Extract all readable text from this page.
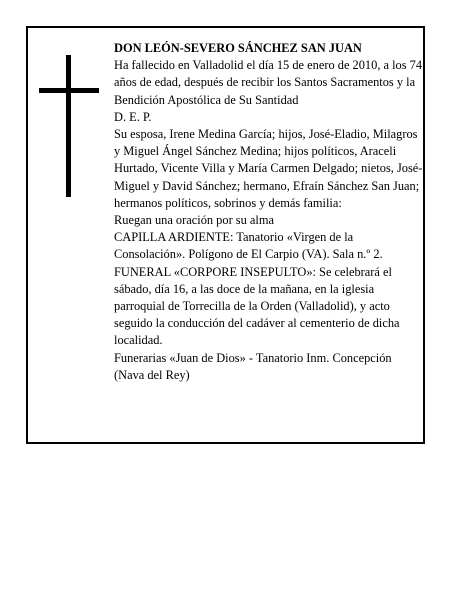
DON LEÓN-SEVERO SÁNCHEZ SAN JUAN

Ha fallecido en Valladolid el día 15 de enero de 2010, a los 74 años de edad, después de recibir los Santos Sacramentos y la Bendición Apostólica de Su Santidad

D. E. P.

Su esposa, Irene Medina García; hijos, José-Eladio, Milagros y Miguel Ángel Sánchez Medina; hijos políticos, Araceli Hurtado, Vicente Villa y María Carmen Delgado; nietos, José-Miguel y David Sánchez; hermano, Efraín Sánchez San Juan; hermanos políticos, sobrinos y demás familia:

Ruegan una oración por su alma

CAPILLA ARDIENTE: Tanatorio «Virgen de la Consolación». Polígono de El Carpio (VA). Sala n.º 2.

FUNERAL «CORPORE INSEPULTO»: Se celebrará el sábado, día 16, a las doce de la mañana, en la iglesia parroquial de Torrecilla de la Orden (Valladolid), y acto seguido la conducción del cadáver al cementerio de dicha localidad.

Funerarias «Juan de Dios» - Tanatorio Inm. Concepción (Nava del Rey)
